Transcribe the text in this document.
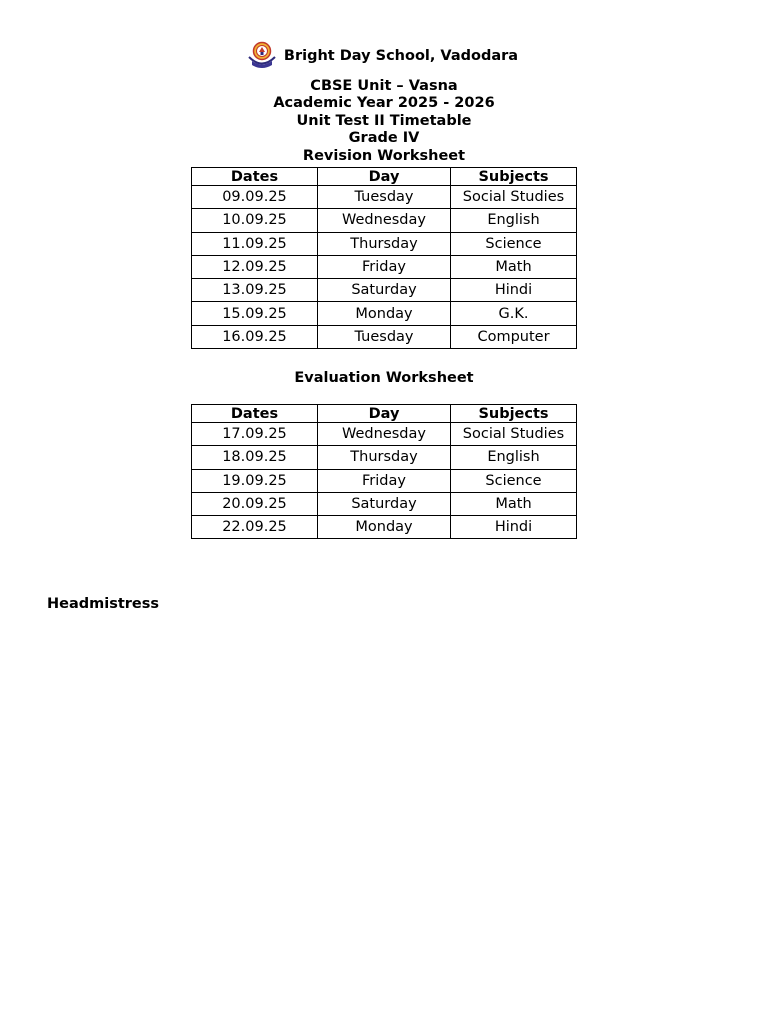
Bright Day School, Vadodara
CBSE Unit – Vasna
Academic Year 2025 - 2026
Unit Test II Timetable
Grade IV
Revision Worksheet
Dates	Day	Subjects
09.09.25	Tuesday	Social Studies
10.09.25	Wednesday	English
11.09.25	Thursday	Science
12.09.25	Friday	Math
13.09.25	Saturday	Hindi
15.09.25	Monday	G.K.
16.09.25	Tuesday	Computer
Evaluation Worksheet
Dates	Day	Subjects
17.09.25	Wednesday	Social Studies
18.09.25	Thursday	English
19.09.25	Friday	Science
20.09.25	Saturday	Math
22.09.25	Monday	Hindi
Headmistress
